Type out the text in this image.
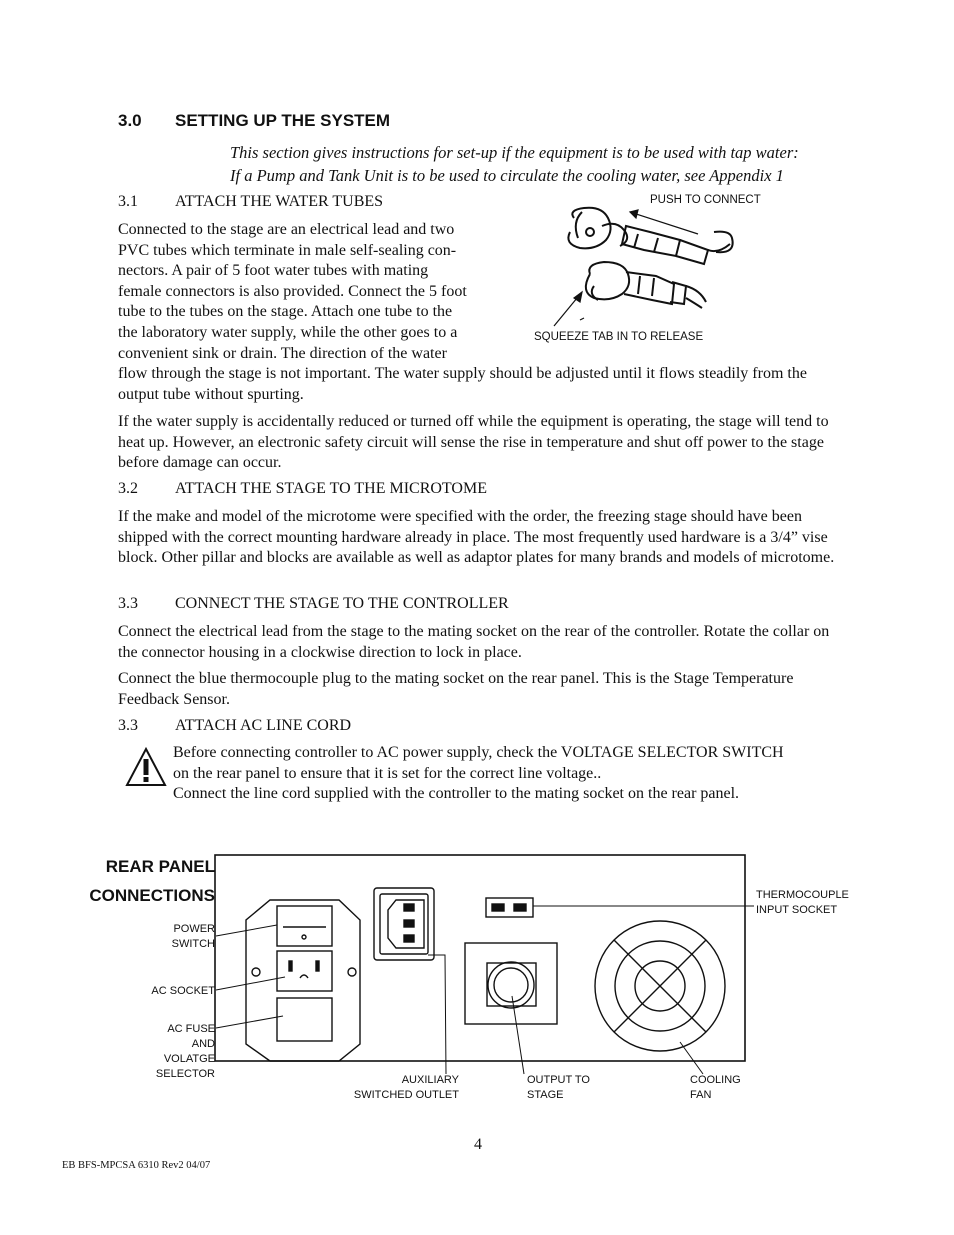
3.0 SETTING UP THE SYSTEM
This section gives instructions for set-up if the equipment is to be used with tap water:
If a Pump and Tank Unit is to be used to circulate the cooling water, see Appendix 1
3.1 ATTACH THE WATER TUBES
Connected to the stage are an electrical lead and two
PVC tubes which terminate in male self-sealing con-
nectors. A pair of 5 foot water tubes with mating
female connectors is also provided. Connect the 5 foot
tube to the tubes on the stage. Attach one tube to the
the laboratory water supply, while the other goes to a
convenient sink or drain. The direction of the water
flow through the stage is not important. The water supply should be adjusted until it flows steadily from the output tube without spurting.
If the water supply is accidentally reduced or turned off while the equipment is operating, the stage will tend to heat up. However, an electronic safety circuit will sense the rise in temperature and shut off power to the stage before damage can occur.
PUSH TO CONNECT
SQUEEZE TAB IN TO RELEASE
3.2 ATTACH THE STAGE TO THE MICROTOME
If the make and model of the microtome were specified with the order, the freezing stage should have been shipped with the correct mounting hardware already in place. The most frequently used hardware is a 3/4” vise block. Other pillar and blocks are available as well as adaptor plates for many brands and models of microtome.
3.3 CONNECT THE STAGE TO THE CONTROLLER
Connect the electrical lead from the stage to the mating socket on the rear of the controller. Rotate the collar on the connector housing in a clockwise direction to lock in place.
Connect the blue thermocouple plug to the mating socket on the rear panel. This is the Stage Temperature Feedback Sensor.
3.3 ATTACH AC LINE CORD
Before connecting controller to AC power supply, check the VOLTAGE SELECTOR SWITCH
on the rear panel to ensure that it is set for the correct line voltage..
Connect the line cord supplied with the controller to the mating socket on the rear panel.
REAR PANEL
CONNECTIONS
POWER
SWITCH
AC SOCKET
AC FUSE
AND
VOLATGE
SELECTOR	AUXILIARY
SWITCHED OUTLET
OUTPUT TO
STAGE
COOLING
FAN
THERMOCOUPLE
INPUT SOCKET
4
EB BFS-MPCSA 6310 Rev2 04/07
